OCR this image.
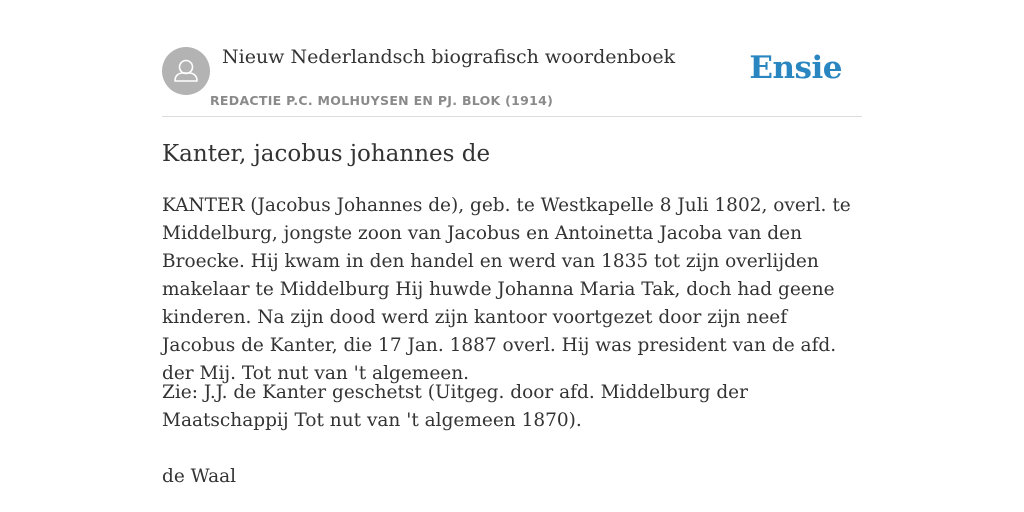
Nieuw Nederlandsch biografisch woordenboek
REDACTIE P.C. MOLHUYSEN EN PJ. BLOK (1914)
Ensie
Kanter, jacobus johannes de

KANTER (Jacobus Johannes de), geb. te Westkapelle 8 Juli 1802, overl. te Middelburg, jongste zoon van Jacobus en Antoinetta Jacoba van den Broecke. Hij kwam in den handel en werd van 1835 tot zijn overlijden makelaar te Middelburg Hij huwde Johanna Maria Tak, doch had geene kinderen. Na zijn dood werd zijn kantoor voortgezet door zijn neef Jacobus de Kanter, die 17 Jan. 1887 overl. Hij was president van de afd. der Mij. Tot nut van 't algemeen.

Zie: J.J. de Kanter geschetst (Uitgeg. door afd. Middelburg der Maatschappij Tot nut van 't algemeen 1870).

de Waal
